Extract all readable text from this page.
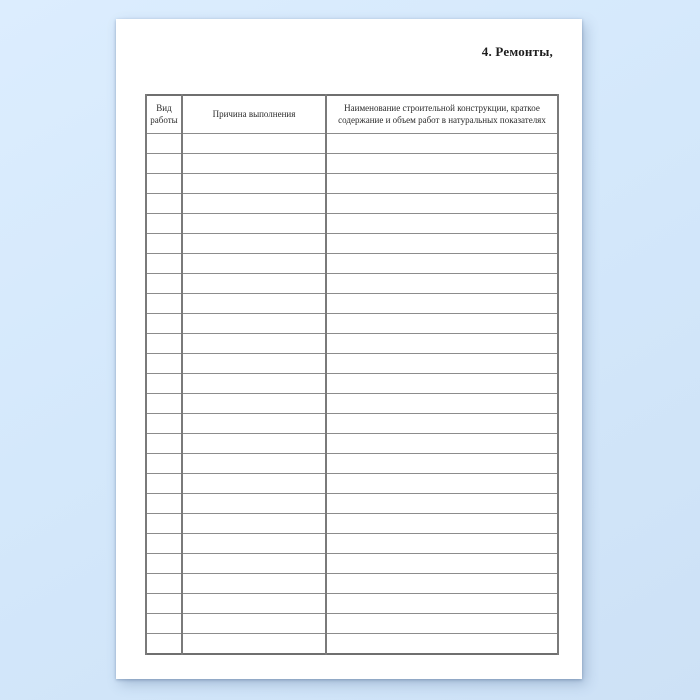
4. Ремонты,
Вид работы	Причина выполнения	Наименование строительной конструкции, краткое содержание и объем работ в натуральных показателях
